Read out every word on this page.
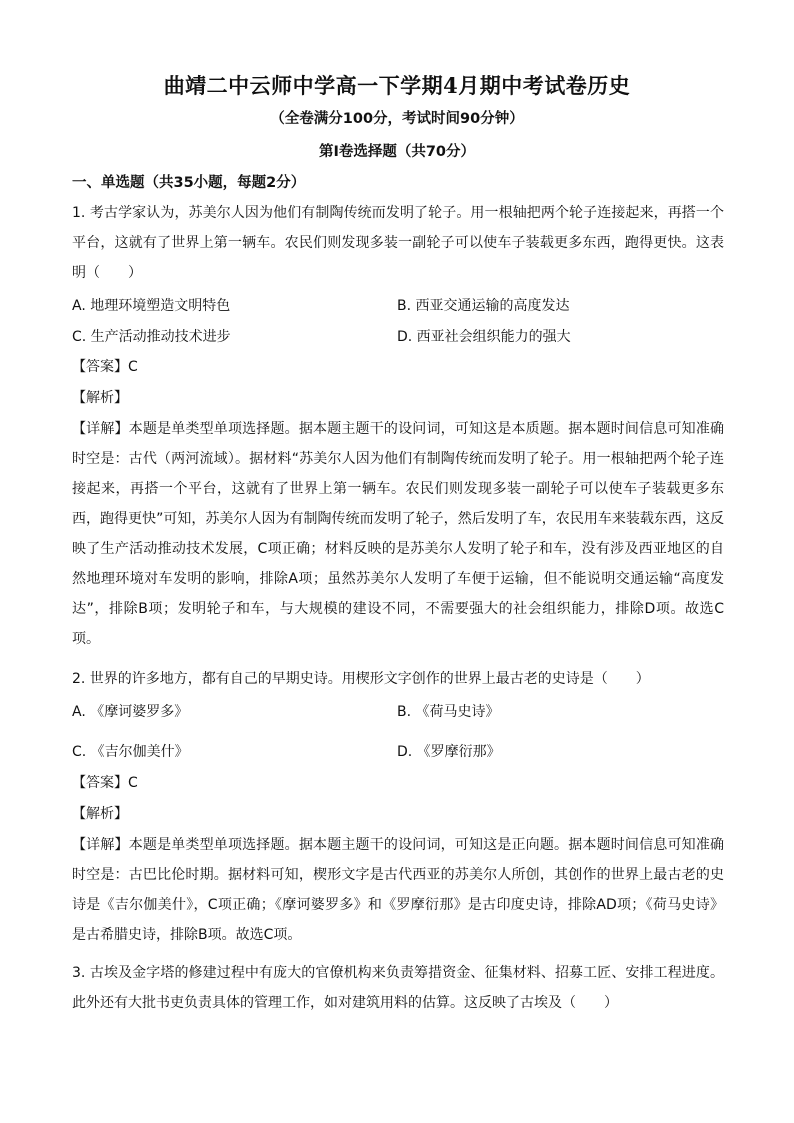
曲靖二中云师中学高一下学期4月期中考试卷历史
（全卷满分100分，考试时间90分钟）
第Ⅰ卷选择题（共70分）
一、单选题（共35小题，每题2分）
1. 考古学家认为，苏美尔人因为他们有制陶传统而发明了轮子。用一根轴把两个轮子连接起来，再搭一个平台，这就有了世界上第一辆车。农民们则发现多装一副轮子可以使车子装载更多东西，跑得更快。这表明（　　）
A. 地理环境塑造文明特色	B. 西亚交通运输的高度发达
C. 生产活动推动技术进步	D. 西亚社会组织能力的强大
【答案】C
【解析】
【详解】本题是单类型单项选择题。据本题主题干的设问词，可知这是本质题。据本题时间信息可知准确时空是：古代（两河流域）。据材料“苏美尔人因为他们有制陶传统而发明了轮子。用一根轴把两个轮子连接起来，再搭一个平台，这就有了世界上第一辆车。农民们则发现多装一副轮子可以使车子装载更多东西，跑得更快”可知，苏美尔人因为有制陶传统而发明了轮子，然后发明了车，农民用车来装载东西，这反映了生产活动推动技术发展，C项正确；材料反映的是苏美尔人发明了轮子和车，没有涉及西亚地区的自然地理环境对车发明的影响，排除A项；虽然苏美尔人发明了车便于运输，但不能说明交通运输“高度发达”，排除B项；发明轮子和车，与大规模的建设不同，不需要强大的社会组织能力，排除D项。故选C项。
2. 世界的许多地方，都有自己的早期史诗。用楔形文字创作的世界上最古老的史诗是（　　）
A. 《摩诃婆罗多》	B. 《荷马史诗》
C. 《吉尔伽美什》	D. 《罗摩衍那》
【答案】C
【解析】
【详解】本题是单类型单项选择题。据本题主题干的设问词，可知这是正向题。据本题时间信息可知准确时空是：古巴比伦时期。据材料可知，楔形文字是古代西亚的苏美尔人所创，其创作的世界上最古老的史诗是《吉尔伽美什》，C项正确；《摩诃婆罗多》和《罗摩衍那》是古印度史诗，排除AD项；《荷马史诗》是古希腊史诗，排除B项。故选C项。
3. 古埃及金字塔的修建过程中有庞大的官僚机构来负责筹措资金、征集材料、招募工匠、安排工程进度。此外还有大批书吏负责具体的管理工作，如对建筑用料的估算。这反映了古埃及（　　）
